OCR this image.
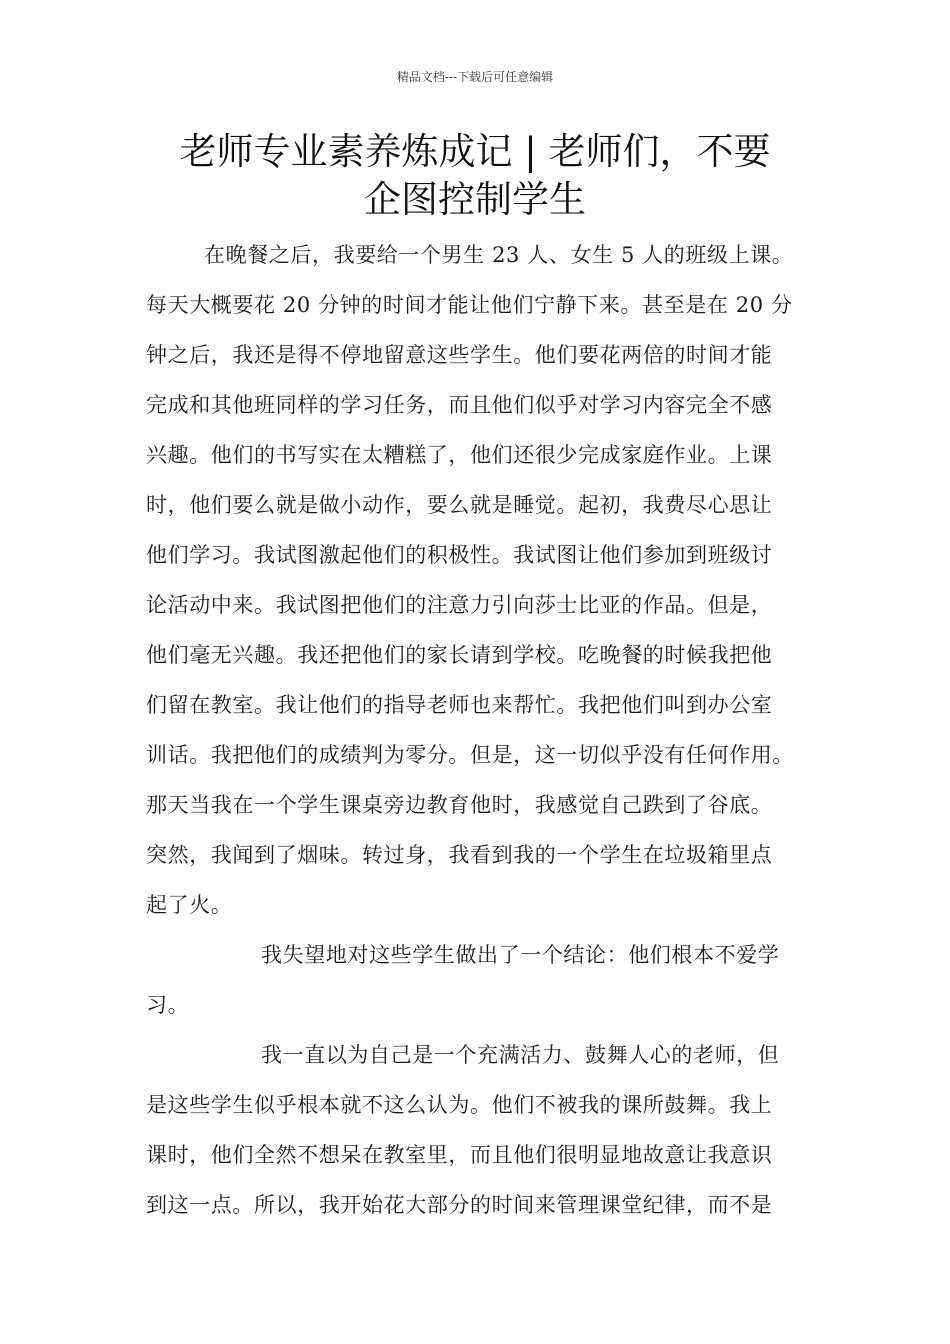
精品文档---下载后可任意编辑
老师专业素养炼成记 | 老师们，不要
企图控制学生
在晚餐之后，我要给一个男生 23 人、女生 5 人的班级上课。
每天大概要花 20 分钟的时间才能让他们宁静下来。甚至是在 20 分
钟之后，我还是得不停地留意这些学生。他们要花两倍的时间才能
完成和其他班同样的学习任务，而且他们似乎对学习内容完全不感
兴趣。他们的书写实在太糟糕了，他们还很少完成家庭作业。上课
时，他们要么就是做小动作，要么就是睡觉。起初，我费尽心思让
他们学习。我试图激起他们的积极性。我试图让他们参加到班级讨
论活动中来。我试图把他们的注意力引向莎士比亚的作品。但是，
他们毫无兴趣。我还把他们的家长请到学校。吃晚餐的时候我把他
们留在教室。我让他们的指导老师也来帮忙。我把他们叫到办公室
训话。我把他们的成绩判为零分。但是，这一切似乎没有任何作用。
那天当我在一个学生课桌旁边教育他时，我感觉自己跌到了谷底。
突然，我闻到了烟味。转过身，我看到我的一个学生在垃圾箱里点
起了火。
我失望地对这些学生做出了一个结论：他们根本不爱学
习。
我一直以为自己是一个充满活力、鼓舞人心的老师，但
是这些学生似乎根本就不这么认为。他们不被我的课所鼓舞。我上
课时，他们全然不想呆在教室里，而且他们很明显地故意让我意识
到这一点。所以，我开始花大部分的时间来管理课堂纪律，而不是
